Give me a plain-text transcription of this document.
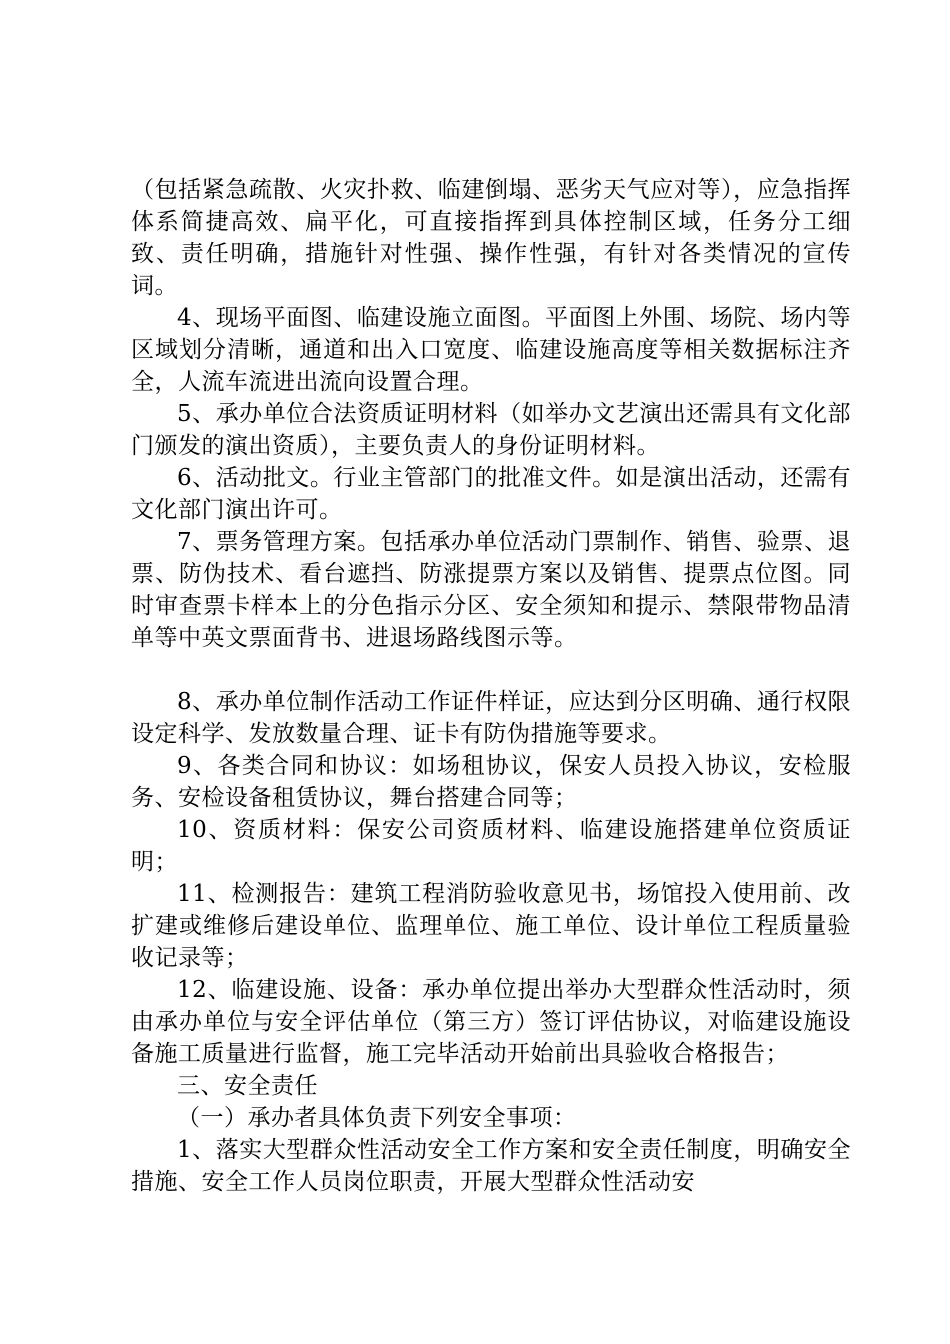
（包括紧急疏散、火灾扑救、临建倒塌、恶劣天气应对等），应急指挥体系简捷高效、扁平化，可直接指挥到具体控制区域，任务分工细致、责任明确，措施针对性强、操作性强，有针对各类情况的宣传词。

4、现场平面图、临建设施立面图。平面图上外围、场院、场内等区域划分清晰，通道和出入口宽度、临建设施高度等相关数据标注齐全，人流车流进出流向设置合理。

5、承办单位合法资质证明材料（如举办文艺演出还需具有文化部门颁发的演出资质），主要负责人的身份证明材料。

6、活动批文。行业主管部门的批准文件。如是演出活动，还需有文化部门演出许可。

7、票务管理方案。包括承办单位活动门票制作、销售、验票、退票、防伪技术、看台遮挡、防涨提票方案以及销售、提票点位图。同时审查票卡样本上的分色指示分区、安全须知和提示、禁限带物品清单等中英文票面背书、进退场路线图示等。

8、承办单位制作活动工作证件样证，应达到分区明确、通行权限设定科学、发放数量合理、证卡有防伪措施等要求。

9、各类合同和协议：如场租协议，保安人员投入协议，安检服务、安检设备租赁协议，舞台搭建合同等；

10、资质材料：保安公司资质材料、临建设施搭建单位资质证明；

11、检测报告：建筑工程消防验收意见书，场馆投入使用前、改扩建或维修后建设单位、监理单位、施工单位、设计单位工程质量验收记录等；

12、临建设施、设备：承办单位提出举办大型群众性活动时，须由承办单位与安全评估单位（第三方）签订评估协议，对临建设施设备施工质量进行监督，施工完毕活动开始前出具验收合格报告；

三、安全责任

（一）承办者具体负责下列安全事项：

1、落实大型群众性活动安全工作方案和安全责任制度，明确安全措施、安全工作人员岗位职责，开展大型群众性活动安
